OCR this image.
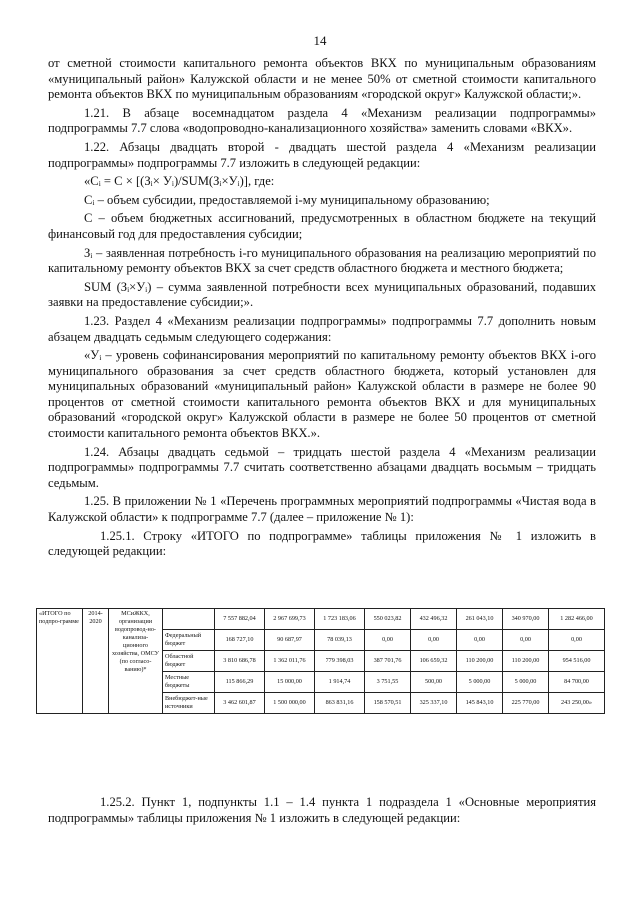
14

от сметной стоимости капитального ремонта объектов ВКХ по муниципальным образованиям «муниципальный район» Калужской области и не менее 50% от сметной стоимости капитального ремонта объектов ВКХ по муниципальным образованиям «городской округ» Калужской области;».

1.21. В абзаце восемнадцатом раздела 4 «Механизм реализации подпрограммы» подпрограммы 7.7 слова «водопроводно-канализационного хозяйства» заменить словами «ВКХ».

1.22. Абзацы двадцать второй - двадцать шестой раздела 4 «Механизм реализации подпрограммы» подпрограммы 7.7 изложить в следующей редакции:

«Cᵢ = C × [(Зᵢ× Уᵢ)/SUM(Зᵢ×Уᵢ)], где:

Cᵢ – объем субсидии, предоставляемой i-му муниципальному образованию;

C – объем бюджетных ассигнований, предусмотренных в областном бюджете на текущий финансовый год для предоставления субсидии;

Зᵢ – заявленная потребность i-го муниципального образования на реализацию мероприятий по капитальному ремонту объектов ВКХ за счет средств областного бюджета и местного бюджета;

SUM (Зᵢ×Уᵢ) – сумма заявленной потребности всех муниципальных образований, подавших заявки на предоставление субсидии;».

1.23. Раздел 4 «Механизм реализации подпрограммы» подпрограммы 7.7 дополнить новым абзацем двадцать седьмым следующего содержания:

«Уᵢ – уровень софинансирования мероприятий по капитальному ремонту объектов ВКХ i-ого муниципального образования за счет средств областного бюджета, который установлен для муниципальных образований «муниципальный район» Калужской области в размере не более 90 процентов от сметной стоимости капитального ремонта объектов ВКХ и для муниципальных образований «городской округ» Калужской области в размере не более 50 процентов от сметной стоимости капитального ремонта объектов ВКХ.».

1.24. Абзацы двадцать седьмой – тридцать шестой раздела 4 «Механизм реализации подпрограммы» подпрограммы 7.7 считать соответственно абзацами двадцать восьмым – тридцать седьмым.

1.25. В приложении № 1 «Перечень программных мероприятий подпрограммы «Чистая вода в Калужской области» к подпрограмме 7.7 (далее – приложение № 1):

1.25.1. Строку «ИТОГО по подпрограмме» таблицы приложения № 1 изложить в следующей редакции:

«ИТОГО по подпро-грамме	2014-2020	МСиЖКХ, организации водопровод-но-канализа-ционного хозяйства, ОМСУ (по согласо-ванию)*		7 557 882,04	2 967 699,73	1 723 183,06	550 023,82	432 496,32	261 043,10	340 970,00	1 282 466,00
			Федеральный бюджет	168 727,10	90 687,97	78 039,13	0,00	0,00	0,00	0,00	0,00
			Областной бюджет	3 810 686,78	1 362 011,76	779 398,03	387 701,76	106 659,32	110 200,00	110 200,00	954 516,00
			Местные бюджеты	115 866,29	15 000,00	1 914,74	3 751,55	500,00	5 000,00	5 000,00	84 700,00
			Внебюджет-ные источники	3 462 601,87	1 500 000,00	863 831,16	158 570,51	325 337,10	145 843,10	225 770,00	243 250,00»

1.25.2. Пункт 1, подпункты 1.1 – 1.4 пункта 1 подраздела 1 «Основные мероприятия подпрограммы» таблицы приложения № 1 изложить в следующей редакции:
